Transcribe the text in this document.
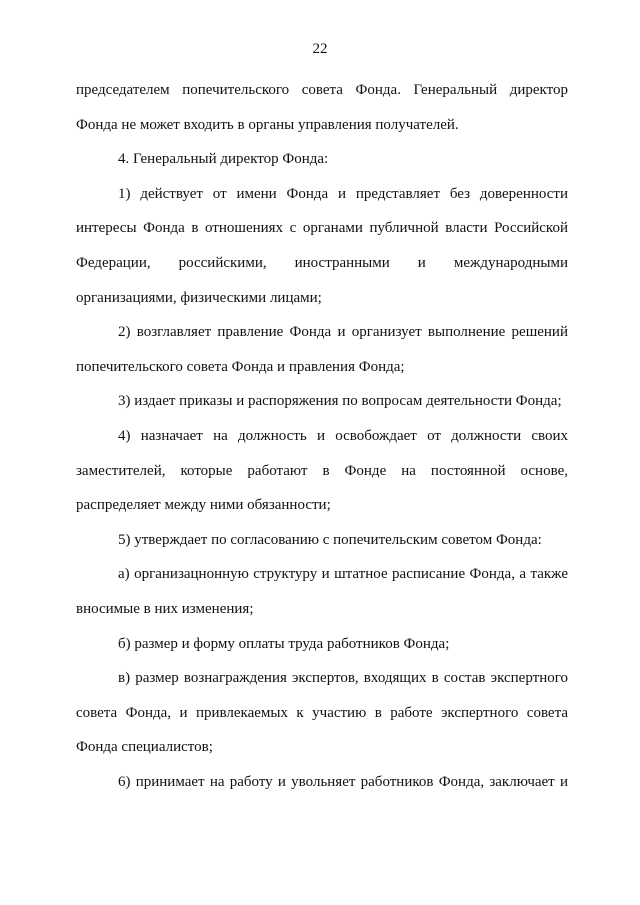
22

председателем попечительского совета Фонда. Генеральный директор Фонда не может входить в органы управления получателей.

4. Генеральный директор Фонда:

1) действует от имени Фонда и представляет без доверенности интересы Фонда в отношениях с органами публичной власти Российской Федерации, российскими, иностранными и международными организациями, физическими лицами;

2) возглавляет правление Фонда и организует выполнение решений попечительского совета Фонда и правления Фонда;

3) издает приказы и распоряжения по вопросам деятельности Фонда;

4) назначает на должность и освобождает от должности своих заместителей, которые работают в Фонде на постоянной основе, распределяет между ними обязанности;

5) утверждает по согласованию с попечительским советом Фонда:

а) организацнонную структуру и штатное расписание Фонда, а также вносимые в них изменения;

б) размер и форму оплаты труда работников Фонда;

в) размер вознаграждения экспертов, входящих в состав экспертного совета Фонда, и привлекаемых к участию в работе экспертного совета Фонда специалистов;

6) принимает на работу и увольняет работников Фонда, заключает и
